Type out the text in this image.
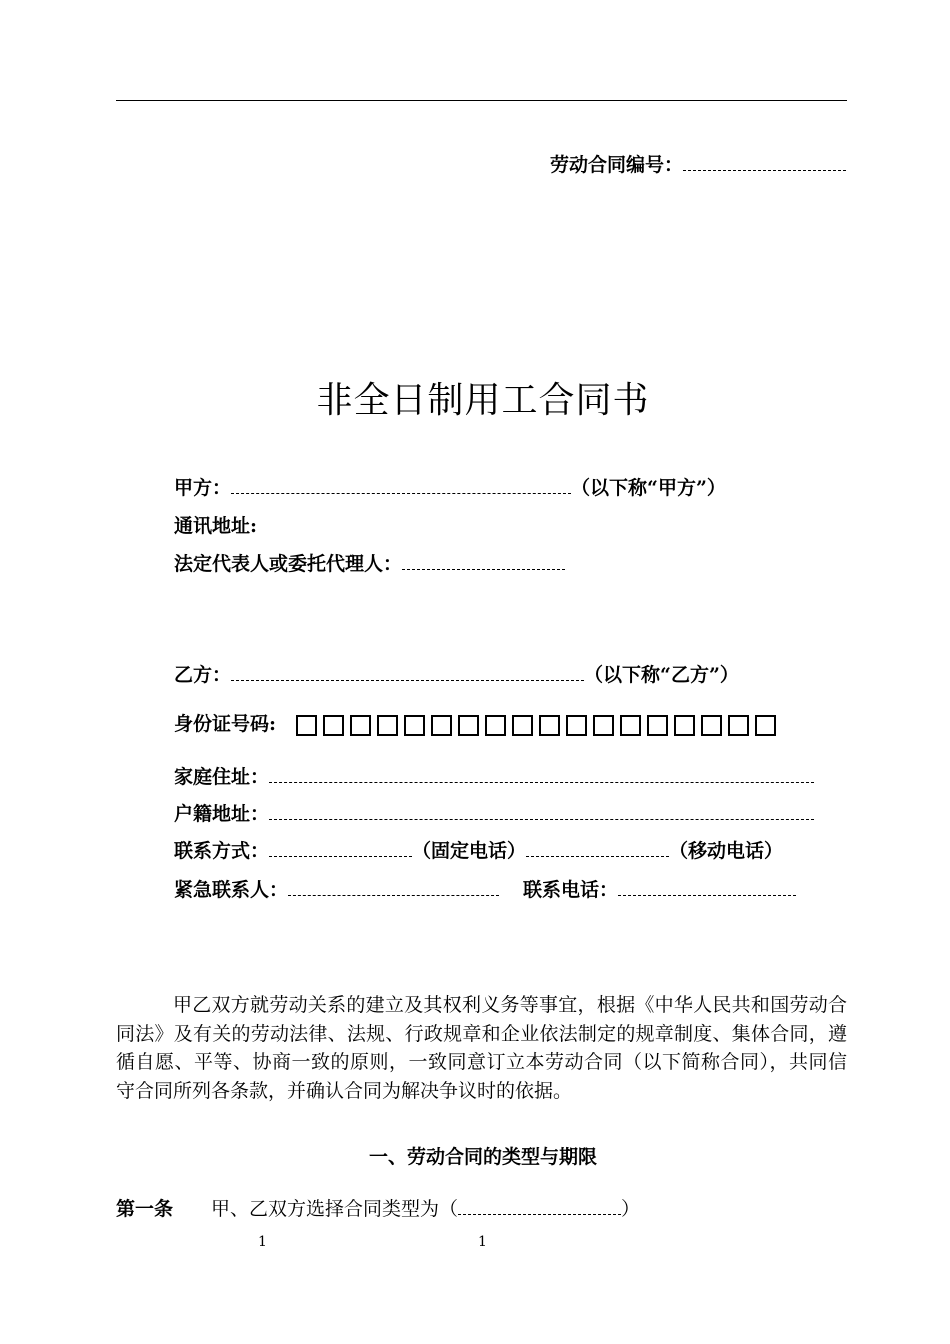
劳动合同编号：
非全日制用工合同书
甲方：	（以下称“甲方”）
通讯地址:
法定代表人或委托代理人：
乙方：	（以下称“乙方”）
身份证号码:
家庭住址：
户籍地址：
联系方式：	（固定电话）	（移动电话）
紧急联系人：	联系电话：
甲乙双方就劳动关系的建立及其权利义务等事宜，根据《中华人民共和国劳动合同法》及有关的劳动法律、法规、行政规章和企业依法制定的规章制度、集体合同，遵循自愿、平等、协商一致的原则，一致同意订立本劳动合同（以下简称合同），共同信守合同所列各条款，并确认合同为解决争议时的依据。
一、劳动合同的类型与期限
第一条 甲、乙双方选择合同类型为（	）
1	1
